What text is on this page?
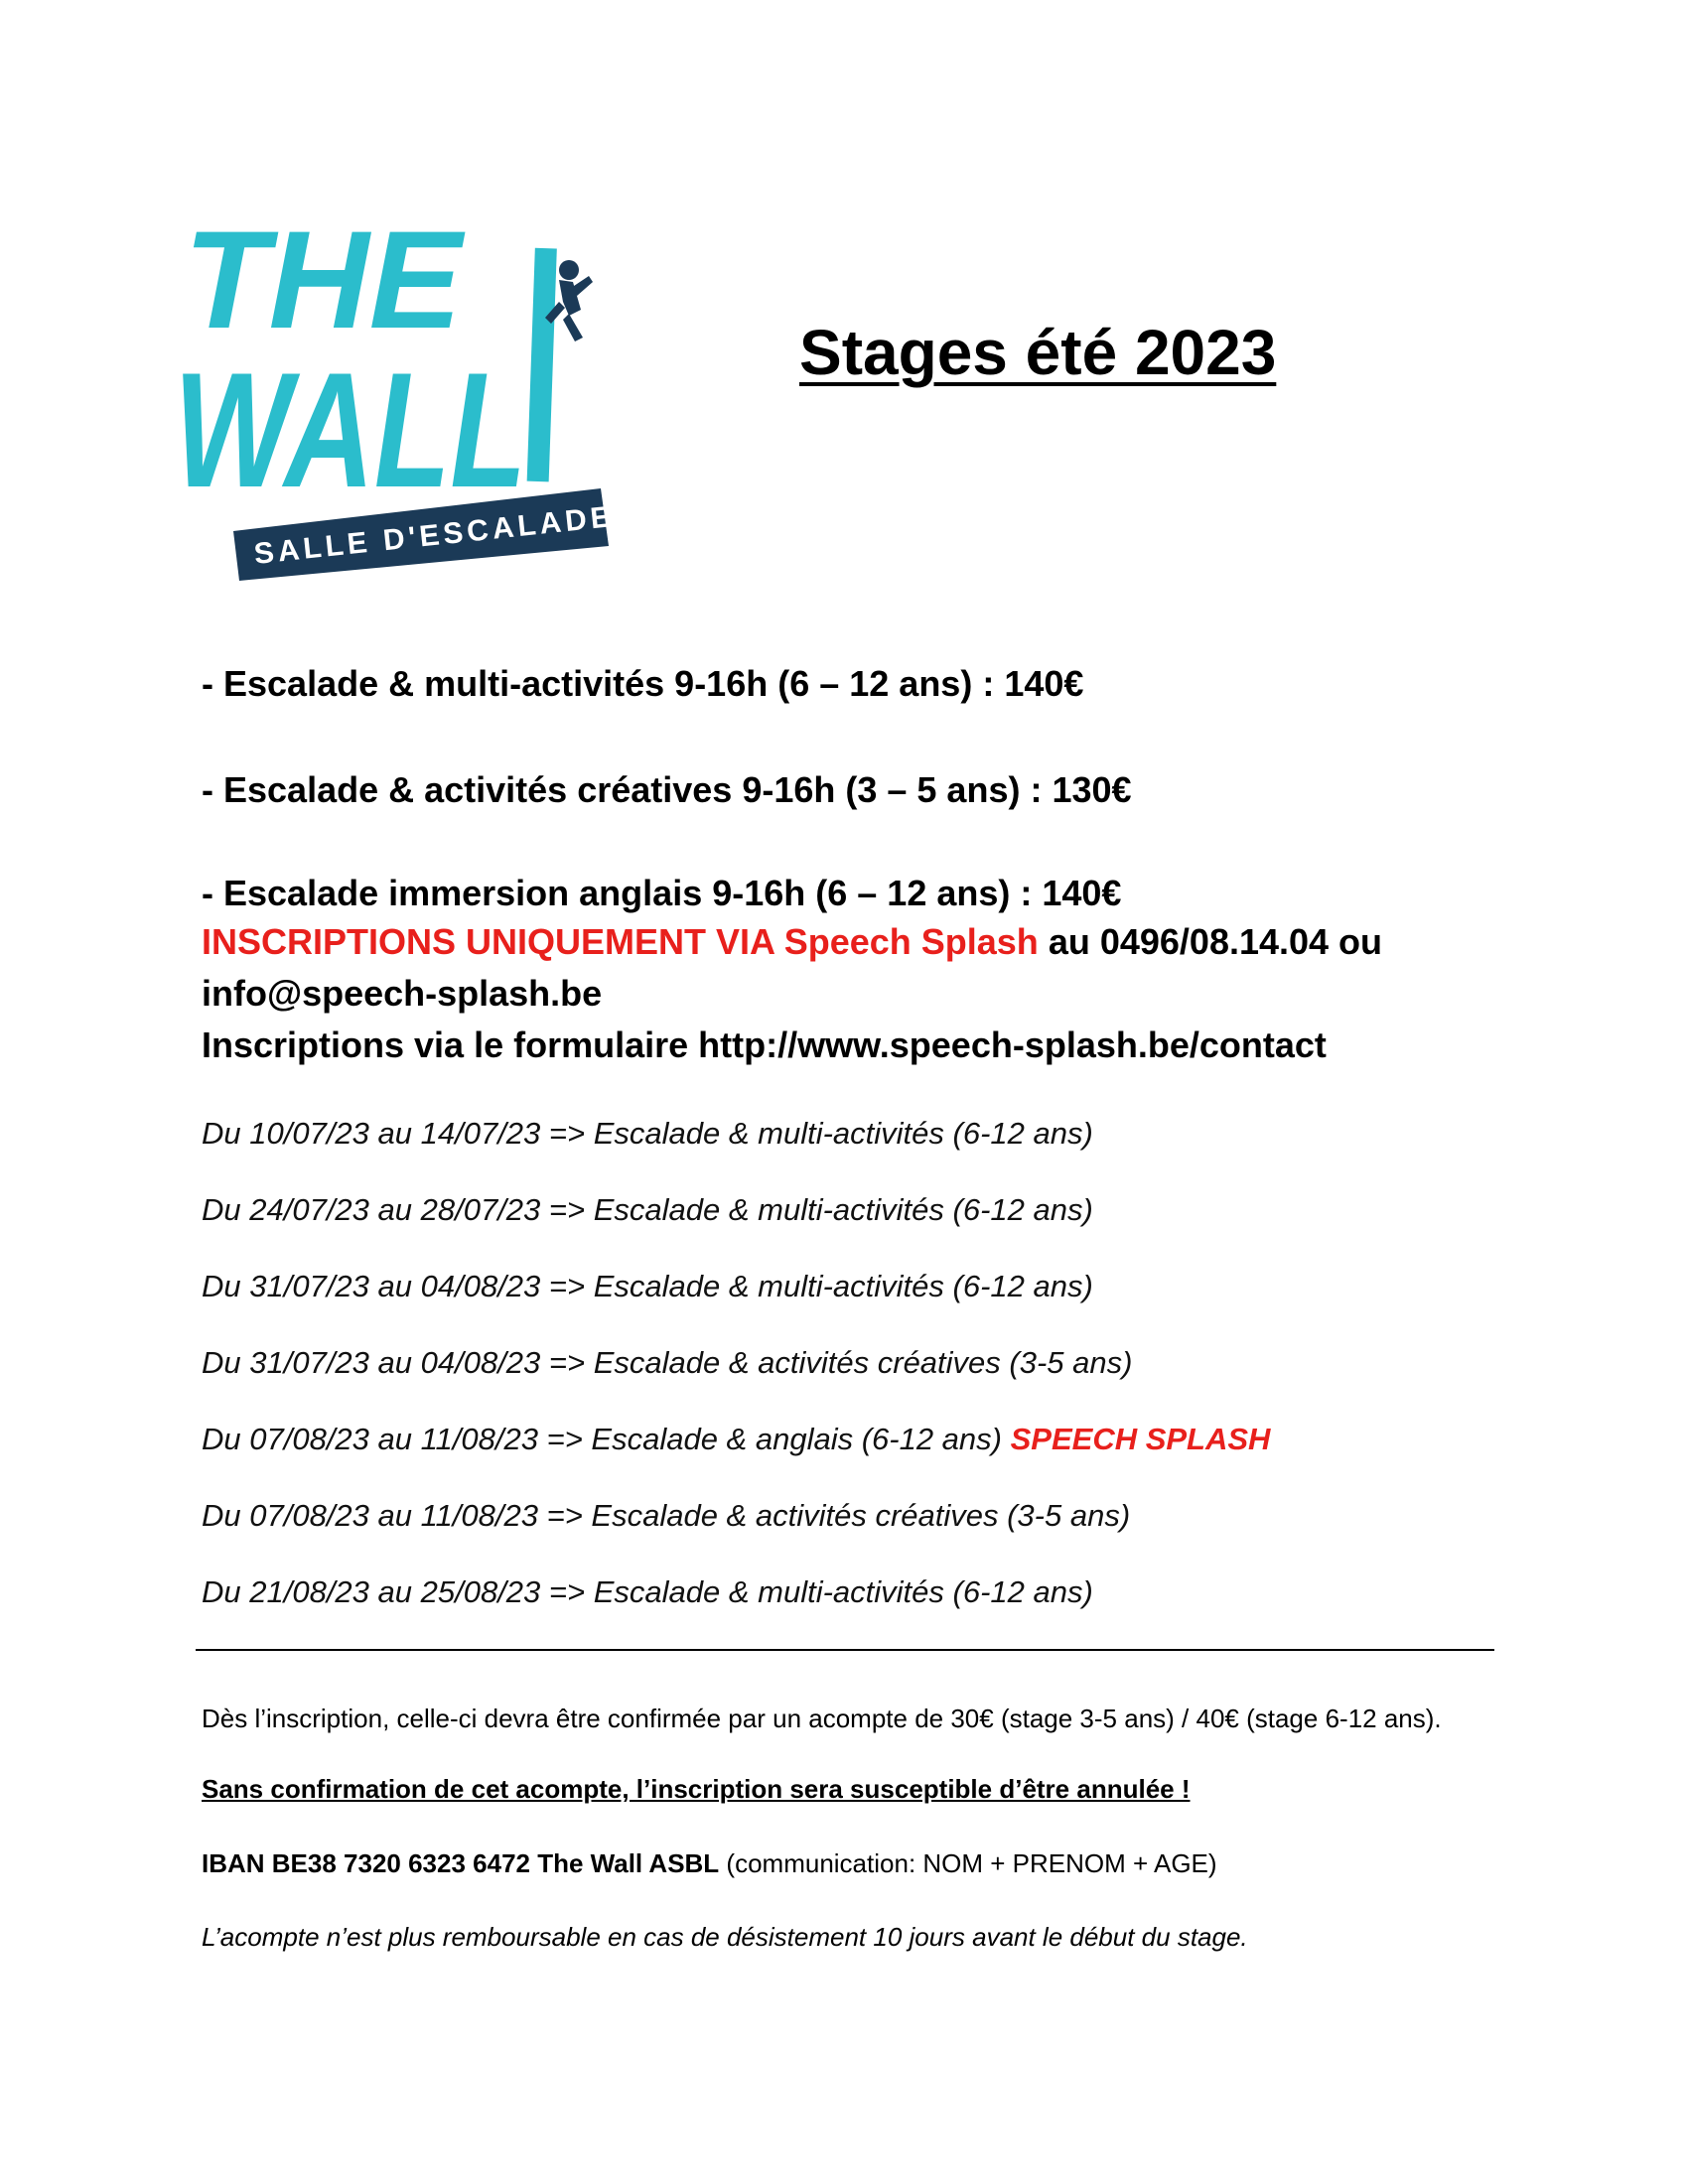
THE
WALL
SALLE D'ESCALADE
Stages été 2023
- Escalade & multi-activités 9-16h (6 – 12 ans) : 140€
- Escalade & activités créatives 9-16h (3 – 5 ans) : 130€
- Escalade immersion anglais 9-16h (6 – 12 ans) : 140€
INSCRIPTIONS UNIQUEMENT VIA Speech Splash au 0496/08.14.04 ou
info@speech-splash.be
Inscriptions via le formulaire http://www.speech-splash.be/contact
Du 10/07/23 au 14/07/23 => Escalade & multi-activités (6-12 ans)
Du 24/07/23 au 28/07/23 => Escalade & multi-activités (6-12 ans)
Du 31/07/23 au 04/08/23 => Escalade & multi-activités (6-12 ans)
Du 31/07/23 au 04/08/23 => Escalade & activités créatives (3-5 ans)
Du 07/08/23 au 11/08/23 => Escalade & anglais (6-12 ans) SPEECH SPLASH
Du 07/08/23 au 11/08/23 => Escalade & activités créatives (3-5 ans)
Du 21/08/23 au 25/08/23 => Escalade & multi-activités (6-12 ans)
Dès l’inscription, celle-ci devra être confirmée par un acompte de 30€ (stage 3-5 ans) / 40€ (stage 6-12 ans).
Sans confirmation de cet acompte, l’inscription sera susceptible d’être annulée !
IBAN BE38 7320 6323 6472 The Wall ASBL (communication: NOM + PRENOM + AGE)
L’acompte n’est plus remboursable en cas de désistement 10 jours avant le début du stage.
